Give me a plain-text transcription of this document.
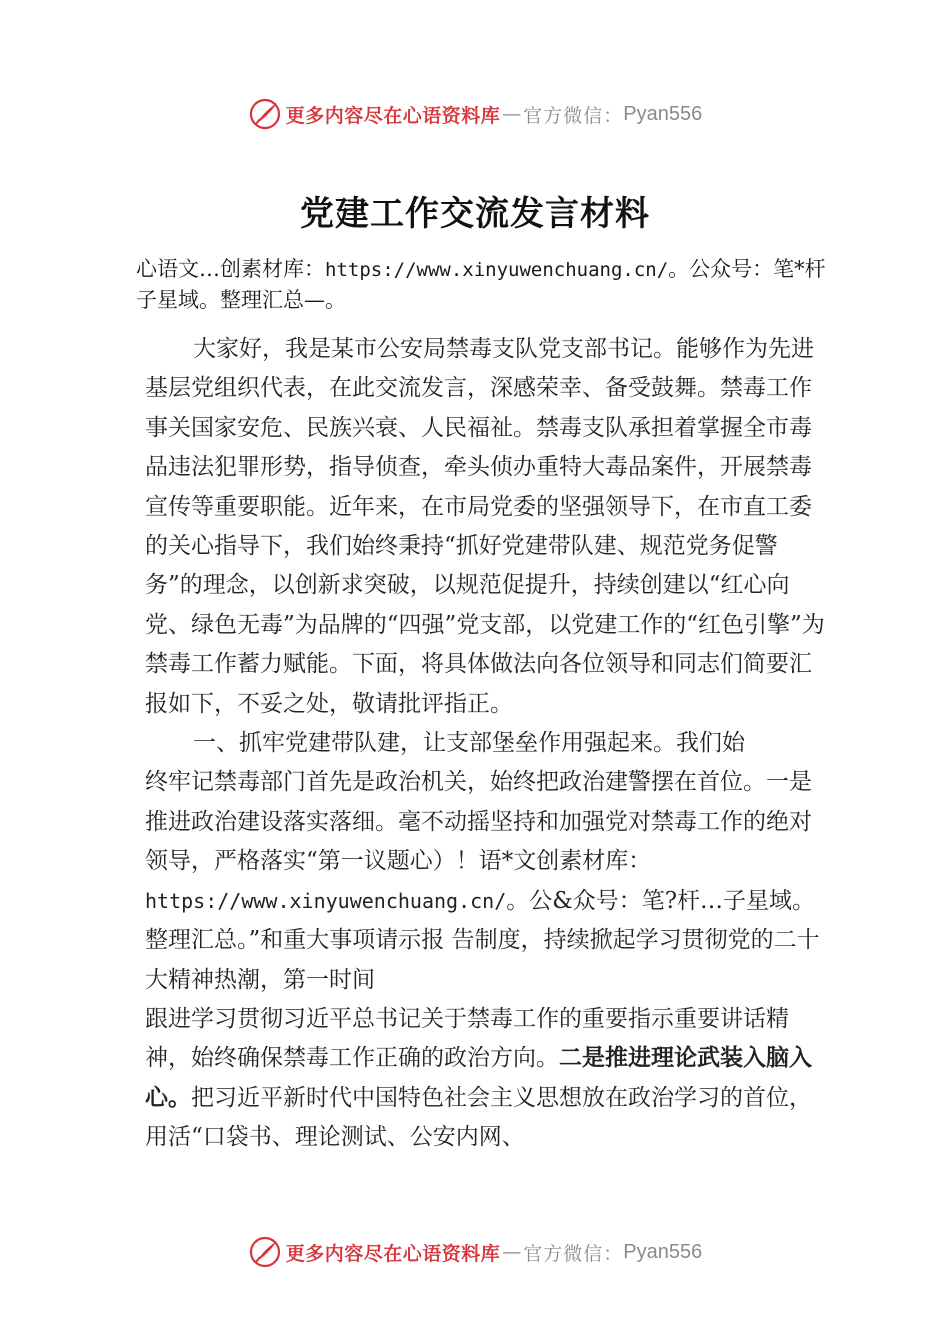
更多内容尽在心语资料库 — 官方微信： Pyan556
党建工作交流发言材料
心语文…创素材库：https://www.xinyuwenchuang.cn/。公众号：笔*杆子星域。整理汇总—。

大家好，我是某市公安局禁毒支队党支部书记。能够作为先进基层党组织代表，在此交流发言，深感荣幸、备受鼓舞。禁毒工作事关国家安危、民族兴衰、人民福祉。禁毒支队承担着掌握全市毒品违法犯罪形势，指导侦查，牵头侦办重特大毒品案件，开展禁毒宣传等重要职能。近年来，在市局党委的坚强领导下，在市直工委的关心指导下，我们始终秉持“抓好党建带队建、规范党务促警务”的理念，以创新求突破，以规范促提升，持续创建以“红心向党、绿色无毒”为品牌的“四强”党支部，以党建工作的“红色引擎”为禁毒工作蓄力赋能。下面，将具体做法向各位领导和同志们简要汇报如下，不妥之处，敬请批评指正。

一、抓牢党建带队建，让支部堡垒作用强起来。我们始

终牢记禁毒部门首先是政治机关，始终把政治建警摆在首位。一是推进政治建设落实落细。毫不动摇坚持和加强党对禁毒工作的绝对领导，严格落实“第一议题心）！语*文创素材库：https://www.xinyuwenchuang.cn/。公&众号：笔?杆…子星域。整理汇总。”和重大事项请示报 告制度，持续掀起学习贯彻党的二十大精神热潮，第一时间

跟进学习贯彻习近平总书记关于禁毒工作的重要指示重要讲话精神，始终确保禁毒工作正确的政治方向。二是推进理论武装入脑入心。把习近平新时代中国特色社会主义思想放在政治学习的首位，用活“口袋书、理论测试、公安内网、

更多内容尽在心语资料库 — 官方微信： Pyan556
